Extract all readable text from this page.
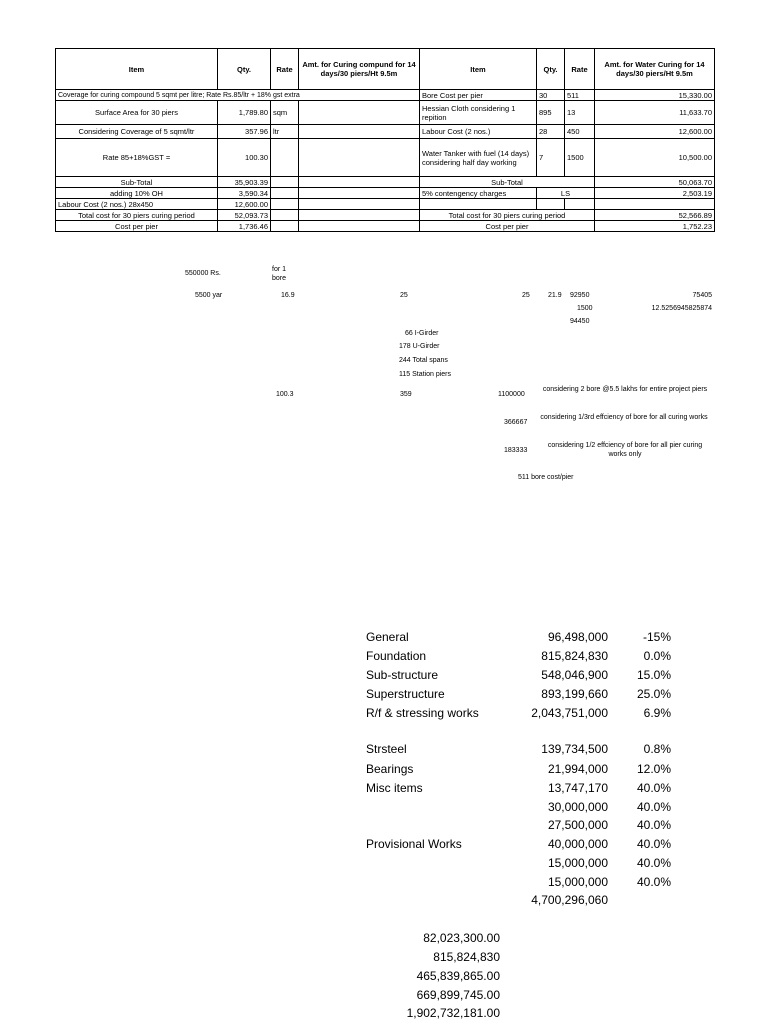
Item	Qty.	Rate	Amt. for Curing compund for 14 days/30 piers/Ht 9.5m	Item	Qty.	Rate	Amt. for Water Curing for 14 days/30 piers/Ht 9.5m
Coverage for curing compound 5 sqmt per litre; Rate Rs.85/ltr + 18% gst extra				Bore Cost per pier	30	511	15,330.00
Surface Area for 30 piers	1,789.80	sqm		Hessian Cloth considering 1 repition	895	13	11,633.70
Considering Coverage of 5 sqmt/ltr	357.96	ltr		Labour Cost (2 nos.)	28	450	12,600.00
Rate 85+18%GST =	100.30			Water Tanker with fuel (14 days) considering half day working	7	1500	10,500.00
Sub-Total	35,903.39			Sub-Total			50,063.70
adding 10% OH	3,590.34			5% contengency charges	LS		2,503.19
Labour Cost (2 nos.) 28x450	12,600.00						
Total cost for 30 piers curing period	52,093.73			Total cost for 30 piers curing period			52,566.89
Cost per pier	1,736.46			Cost per pier			1,752.23
550000 Rs.
for 1 bore
5500 yar	16.9	25	25	21.9 92950	75405
1500	12.5256945825874
94450
66 I-Girder
178 U-Girder
244 Total spans
115 Station piers
100.3	359	1100000
considering 2 bore @5.5 lakhs for entire project piers
366667
considering 1/3rd effciency of bore for all curing works
183333
considering 1/2 effciency of bore for all pier curing works only
511 bore cost/pier
General	96,498,000	-15%
Foundation	815,824,830	0.0%
Sub-structure	548,046,900 15.0%
Superstructure	893,199,660 25.0%
R/f & stressing works	2,043,751,000	6.9%
Strsteel	139,734,500	0.8%
Bearings	21,994,000 12.0%
Misc items	13,747,170 40.0%
30,000,000 40.0%
27,500,000 40.0%
Provisional Works	40,000,000 40.0%
15,000,000 40.0%
15,000,000 40.0%
4,700,296,060
82,023,300.00
815,824,830
465,839,865.00
669,899,745.00
1,902,732,181.00
